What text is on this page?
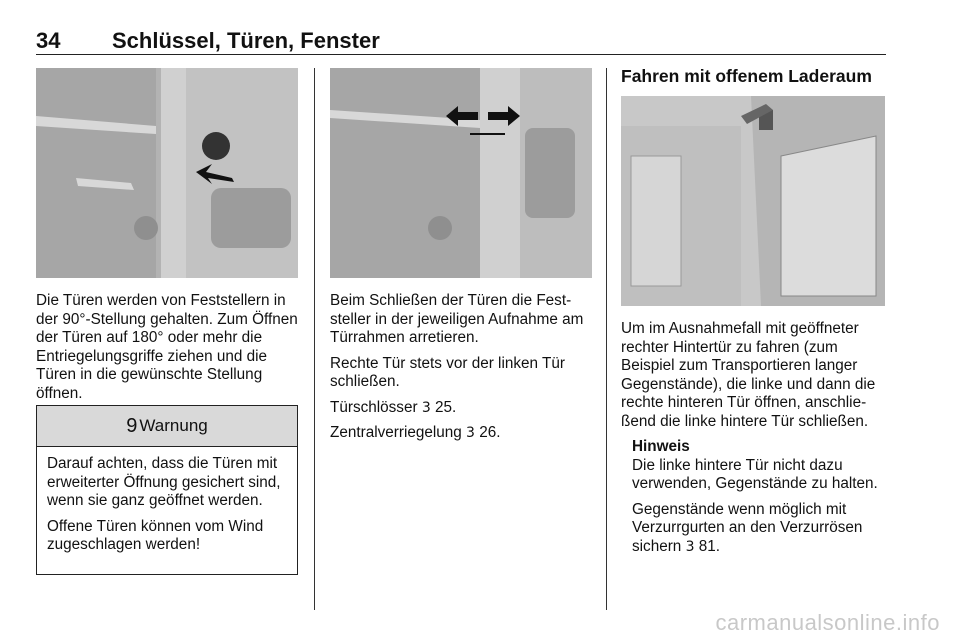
34 Schlüssel, Türen, Fenster

Die Türen werden von Feststellern in der 90°-Stellung gehalten. Zum Öffnen der Türen auf 180° oder mehr die Entriegelungsgriffe ziehen und die Türen in die gewünschte Stellung öffnen.

9 Warnung

Darauf achten, dass die Türen mit erweiterter Öffnung gesichert sind, wenn sie ganz geöffnet werden.

Offene Türen können vom Wind zugeschlagen werden!

Beim Schließen der Türen die Fest-steller in der jeweiligen Aufnahme am Türrahmen arretieren.

Rechte Tür stets vor der linken Tür schließen.

Türschlösser 3 25.

Zentralverriegelung 3 26.

Fahren mit offenem Laderaum

Um im Ausnahmefall mit geöffneter rechter Hintertür zu fahren (zum Beispiel zum Transportieren langer Gegenstände), die linke und dann die rechte hinteren Tür öffnen, anschlie-ßend die linke hintere Tür schließen.

Hinweis

Die linke hintere Tür nicht dazu verwenden, Gegenstände zu halten.

Gegenstände wenn möglich mit Verzurrgurten an den Verzurrösen sichern 3 81.

carmanualsonline.info
